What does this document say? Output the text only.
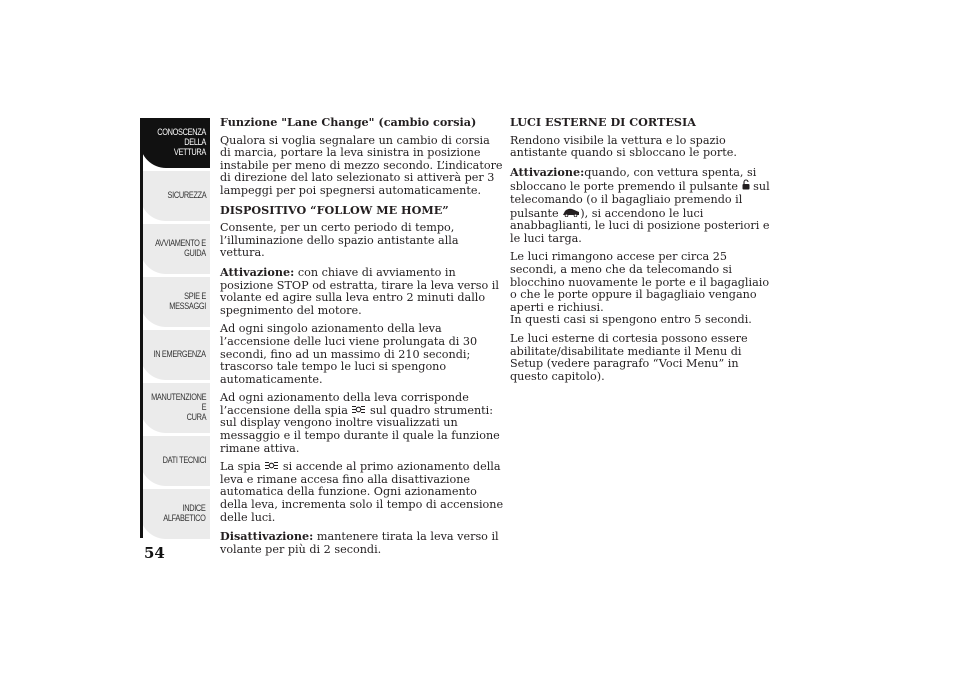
CONOSCENZA
DELLA VETTURA
SICUREZZA
AVVIAMENTO E
GUIDA
SPIE E MESSAGGI
IN EMERGENZA
MANUTENZIONE E
CURA
DATI TECNICI
INDICE
ALFABETICO
54
Funzione "Lane Change" (cambio corsia)

Qualora si voglia segnalare un cambio di corsia di marcia, portare la leva sinistra in posizione instabile per meno di mezzo secondo. L’indicatore di direzione del lato selezionato si attiverà per 3 lampeggi per poi spegnersi automaticamente.

DISPOSITIVO “FOLLOW ME HOME”

Consente, per un certo periodo di tempo, l’illuminazione dello spazio antistante alla vettura.

Attivazione: con chiave di avviamento in posizione STOP od estratta, tirare la leva verso il volante ed agire sulla leva entro 2 minuti dallo spegnimento del motore.

Ad ogni singolo azionamento della leva l’accensione delle luci viene prolungata di 30 secondi, fino ad un massimo di 210 secondi; trascorso tale tempo le luci si spengono automaticamente.

Ad ogni azionamento della leva corrisponde l’accensione della spia  sul quadro strumenti: sul display vengono inoltre visualizzati un messaggio e il tempo durante il quale la funzione rimane attiva.

La spia  si accende al primo azionamento della leva e rimane accesa fino alla disattivazione automatica della funzione. Ogni azionamento della leva, incrementa solo il tempo di accensione delle luci.

Disattivazione: mantenere tirata la leva verso il volante per più di 2 secondi.

LUCI ESTERNE DI CORTESIA

Rendono visibile la vettura e lo spazio antistante quando si sbloccano le porte.

Attivazione:quando, con vettura spenta, si sbloccano le porte premendo il pulsante  sul telecomando (o il bagagliaio premendo il pulsante ), si accendono le luci anabbaglianti, le luci di posizione posteriori e le luci targa.

Le luci rimangono accese per circa 25 secondi, a meno che da telecomando si blocchino nuovamente le porte e il bagagliaio o che le porte oppure il bagagliaio vengano aperti e richiusi.

In questi casi si spengono entro 5 secondi.

Le luci esterne di cortesia possono essere abilitate/disabilitate mediante il Menu di Setup (vedere paragrafo “Voci Menu” in questo capitolo).
